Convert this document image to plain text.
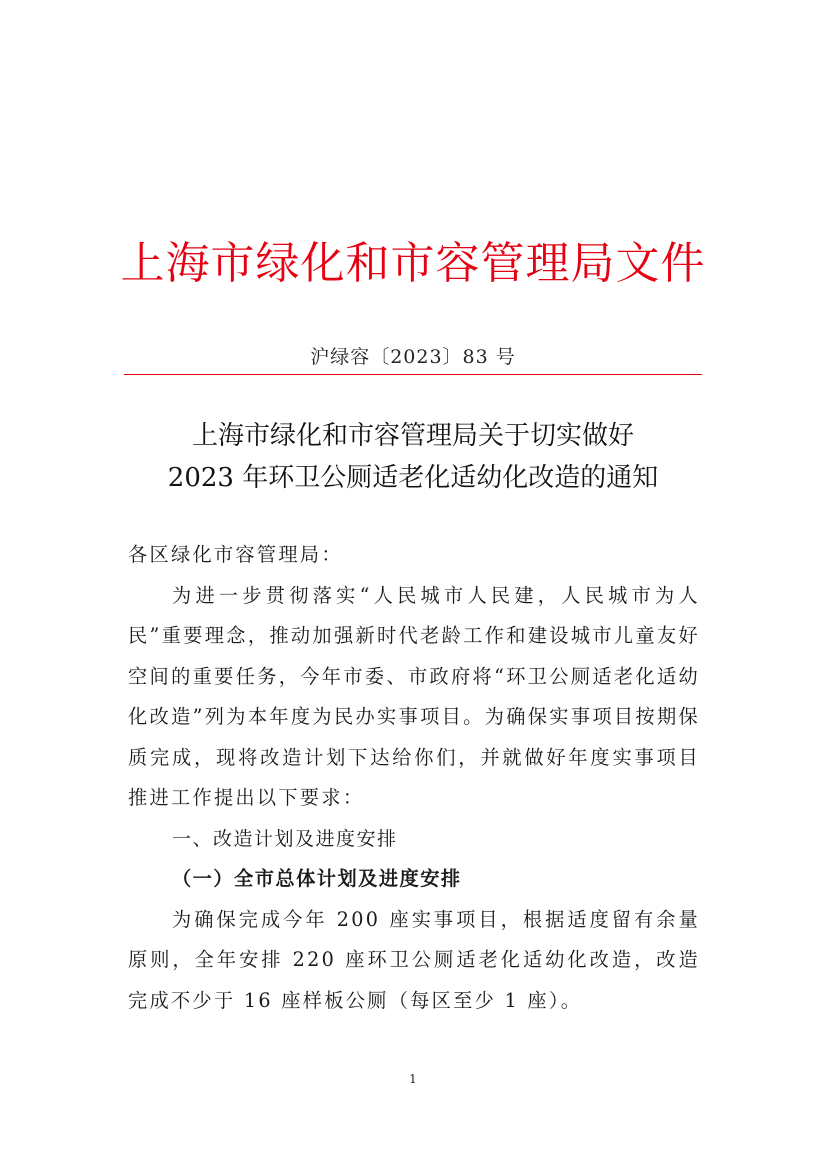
上海市绿化和市容管理局文件
沪绿容〔2023〕83 号
上海市绿化和市容管理局关于切实做好
2023 年环卫公厕适老化适幼化改造的通知

各区绿化市容管理局：

为进一步贯彻落实“人民城市人民建，人民城市为人民”重要理念，推动加强新时代老龄工作和建设城市儿童友好空间的重要任务，今年市委、市政府将“环卫公厕适老化适幼化改造”列为本年度为民办实事项目。为确保实事项目按期保质完成，现将改造计划下达给你们，并就做好年度实事项目推进工作提出以下要求：

一、改造计划及进度安排

（一）全市总体计划及进度安排

为确保完成今年 200 座实事项目，根据适度留有余量原则，全年安排 220 座环卫公厕适老化适幼化改造，改造完成不少于 16 座样板公厕（每区至少 1 座）。

1
